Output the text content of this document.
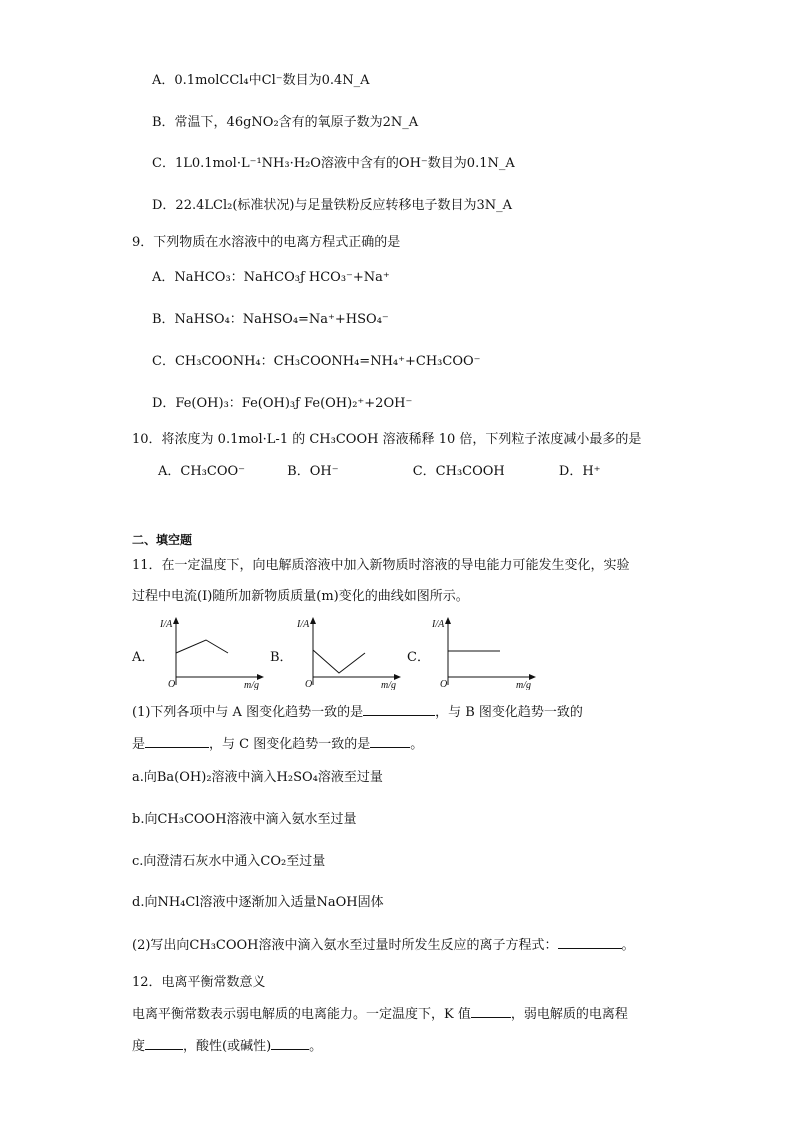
A．0.1molCCl₄中Cl⁻数目为0.4N_A
B．常温下，46gNO₂含有的氧原子数为2N_A
C．1L0.1mol·L⁻¹NH₃·H₂O溶液中含有的OH⁻数目为0.1N_A
D．22.4LCl₂(标准状况)与足量铁粉反应转移电子数目为3N_A
9．下列物质在水溶液中的电离方程式正确的是
A．NaHCO₃：NaHCO₃ƒ HCO₃⁻+Na⁺
B．NaHSO₄：NaHSO₄=Na⁺+HSO₄⁻
C．CH₃COONH₄：CH₃COONH₄=NH₄⁺+CH₃COO⁻
D．Fe(OH)₃：Fe(OH)₃ƒ Fe(OH)₂⁺+2OH⁻
10．将浓度为 0.1mol·L-1 的 CH₃COOH 溶液稀释 10 倍，下列粒子浓度减小最多的是
A．CH₃COO⁻	B．OH⁻	C．CH₃COOH	D．H⁺
二、填空题
11．在一定温度下，向电解质溶液中加入新物质时溶液的导电能力可能发生变化，实验
过程中电流(I)随所加新物质质量(m)变化的曲线如图所示。
A．
I/A
O	m/g
B．
I/A
O	m/g
C．
I/A
O	m/g
(1)下列各项中与 A 图变化趋势一致的是	，与 B 图变化趋势一致的
是	，与 C 图变化趋势一致的是	。
a.向Ba(OH)₂溶液中滴入H₂SO₄溶液至过量
b.向CH₃COOH溶液中滴入氨水至过量
c.向澄清石灰水中通入CO₂至过量
d.向NH₄Cl溶液中逐渐加入适量NaOH固体
(2)写出向CH₃COOH溶液中滴入氨水至过量时所发生反应的离子方程式：	。
12．电离平衡常数意义
电离平衡常数表示弱电解质的电离能力。一定温度下，K 值	，弱电解质的电离程
度	，酸性(或碱性)	。
